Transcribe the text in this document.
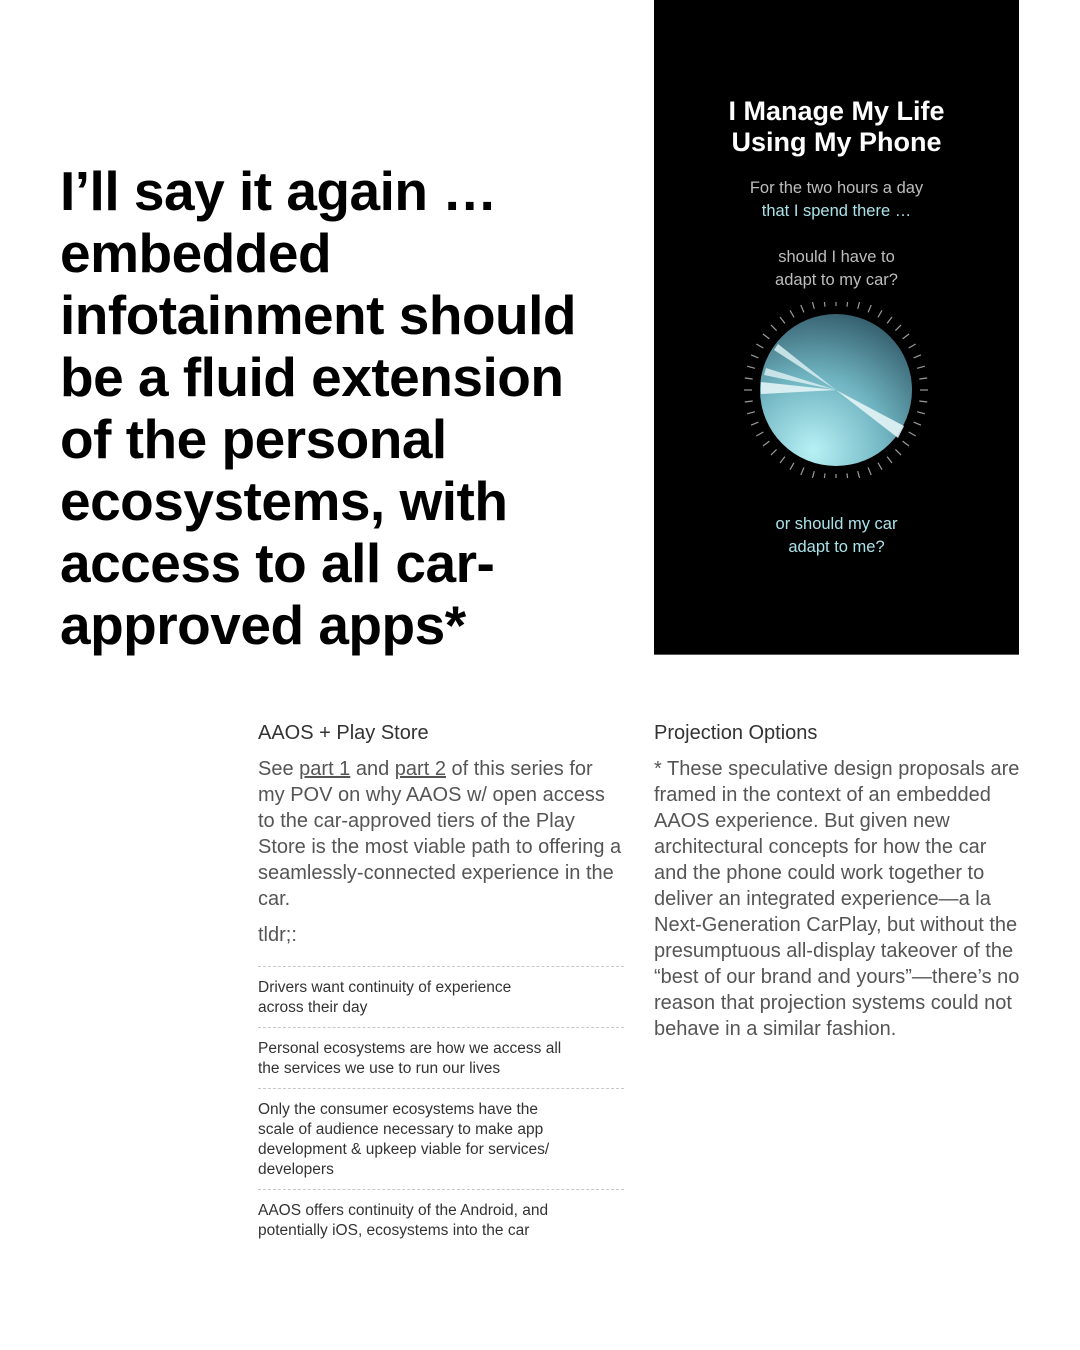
I’ll say it again …
embedded
infotainment should
be a fluid extension
of the personal
ecosystems, with
access to all car-
approved apps*
I Manage My Life
Using My Phone

For the two hours a day
that I spend there …

should I have to
adapt to my car?

or should my car
adapt to me?

AAOS + Play Store

See part 1 and part 2 of this series for my POV on why AAOS w/ open access to the car-approved tiers of the Play Store is the most viable path to offering a seamlessly-connected experience in the car.

tldr;:

Drivers want continuity of experience
across their day
Personal ecosystems are how we access all
the services we use to run our lives
Only the consumer ecosystems have the
scale of audience necessary to make app
development & upkeep viable for services/
developers
AAOS offers continuity of the Android, and
potentially iOS, ecosystems into the car
Projection Options

* These speculative design proposals are framed in the context of an embedded AAOS experience. But given new architectural concepts for how the car and the phone could work together to deliver an integrated experience—a la Next-Generation CarPlay, but without the presumptuous all-display takeover of the “best of our brand and yours”—there’s no reason that projection systems could not behave in a similar fashion.
